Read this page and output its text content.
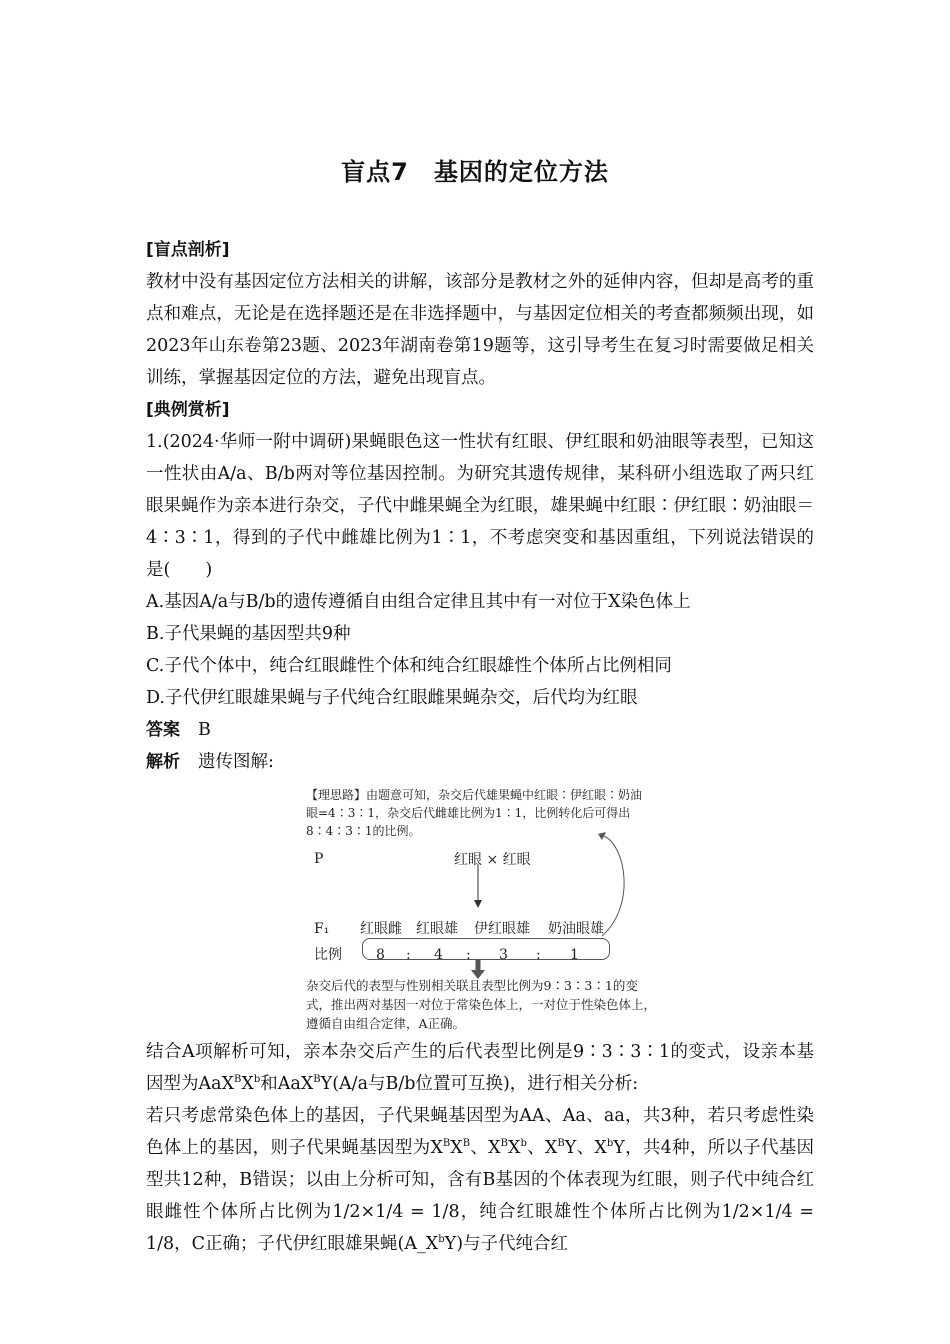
盲点7　基因的定位方法

[盲点剖析]

教材中没有基因定位方法相关的讲解，该部分是教材之外的延伸内容，但却是高考的重点和难点，无论是在选择题还是在非选择题中，与基因定位相关的考查都频频出现，如2023年山东卷第23题、2023年湖南卷第19题等，这引导考生在复习时需要做足相关训练，掌握基因定位的方法，避免出现盲点。

[典例赏析]

1.(2024·华师一附中调研)果蝇眼色这一性状有红眼、伊红眼和奶油眼等表型，已知这一性状由A/a、B/b两对等位基因控制。为研究其遗传规律，某科研小组选取了两只红眼果蝇作为亲本进行杂交，子代中雌果蝇全为红眼，雄果蝇中红眼∶伊红眼∶奶油眼＝4∶3∶1，得到的子代中雌雄比例为1∶1，不考虑突变和基因重组，下列说法错误的是(　　)

A.基因A/a与B/b的遗传遵循自由组合定律且其中有一对位于X染色体上

B.子代果蝇的基因型共9种

C.子代个体中，纯合红眼雌性个体和纯合红眼雄性个体所占比例相同

D.子代伊红眼雄果蝇与子代纯合红眼雌果蝇杂交，后代均为红眼

答案 B

解析 遗传图解:

【理思路】由题意可知，杂交后代雄果蝇中红眼∶伊红眼∶奶油眼=4∶3∶1，杂交后代雌雄比例为1∶1，比例转化后可得出8∶4∶3∶1的比例。
P	红眼 × 红眼
F₁ 红眼雌 红眼雄 伊红眼雄 奶油眼雄
比例 8 : 4 : 3 : 1
杂交后代的表型与性别相关联且表型比例为9∶3∶3∶1的变式，推出两对基因一对位于常染色体上，一对位于性染色体上，遵循自由组合定律，A正确。

结合A项解析可知，亲本杂交后产生的后代表型比例是9∶3∶3∶1的变式，设亲本基因型为$AaX^BX^b$和AaX$^B$Y(A/a与B/b位置可互换)，进行相关分析:

若只考虑常染色体上的基因，子代果蝇基因型为AA、Aa、aa，共3种，若只考虑性染色体上的基因，则子代果蝇基因型为$X^BX^B$、$X^BX^b$、$X^BY$、$X^bY$，共4种，所以子代基因型共12种，B错误；以由上分析可知，含有B基因的个体表现为红眼，则子代中纯合红眼雌性个体所占比例为1/2×1/4 = 1/8，纯合红眼雄性个体所占比例为1/2×1/4 = 1/8，C正确；子代伊红眼雄果蝇$(A\_X^bY)$与子代纯合红
